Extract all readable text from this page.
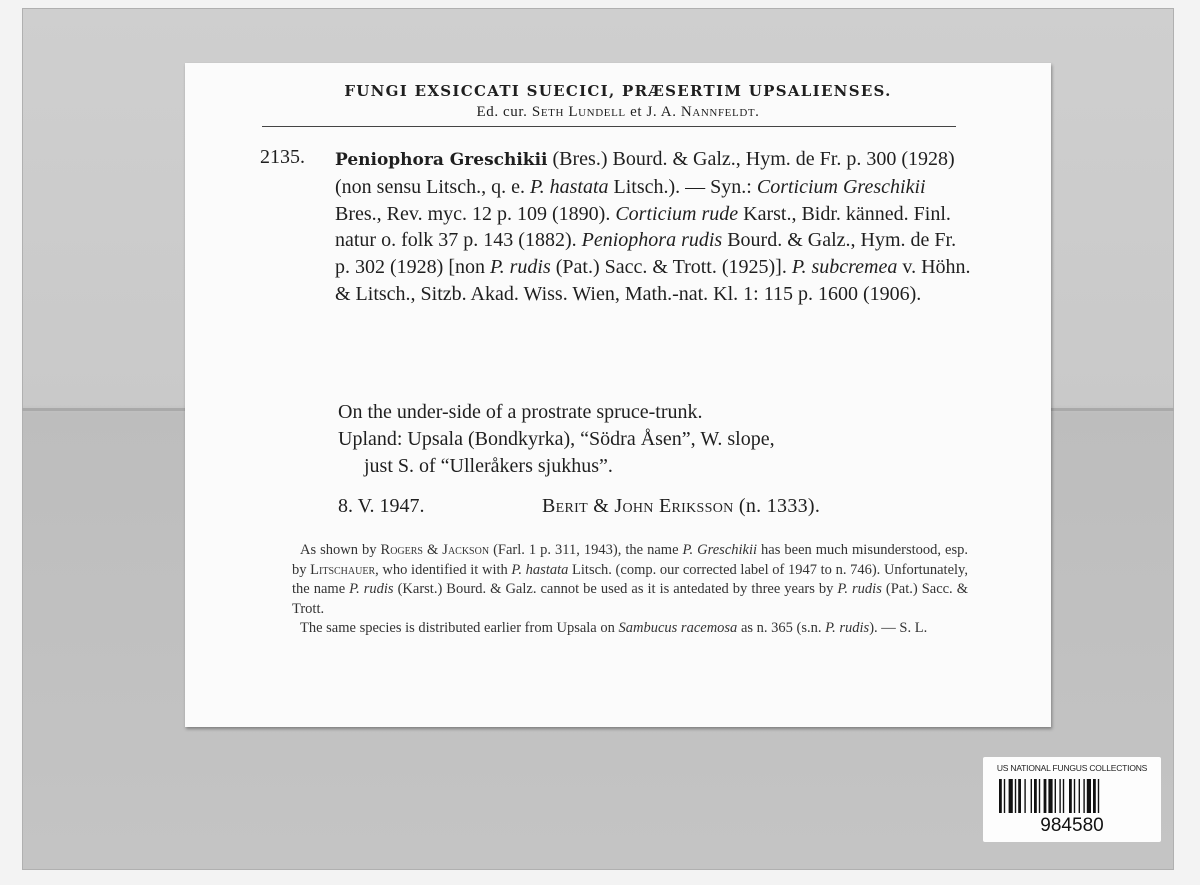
FUNGI EXSICCATI SUECICI, PRÆSERTIM UPSALIENSES.
Ed. cur. Seth Lundell et J. A. Nannfeldt.
2135. Peniophora Greschikii (Bres.) Bourd. & Galz., Hym. de Fr. p. 300 (1928) (non sensu Litsch., q. e. P. hastata Litsch.). — Syn.: Corticium Greschikii Bres., Rev. myc. 12 p. 109 (1890). Corticium rude Karst., Bidr. känned. Finl. natur o. folk 37 p. 143 (1882). Peniophora rudis Bourd. & Galz., Hym. de Fr. p. 302 (1928) [non P. rudis (Pat.) Sacc. & Trott. (1925)]. P. subcremea v. Höhn. & Litsch., Sitzb. Akad. Wiss. Wien, Math.-nat. Kl. 1: 115 p. 1600 (1906).
On the under-side of a prostrate spruce-trunk.
Upland: Upsala (Bondkyrka), “Södra Åsen”, W. slope,
just S. of “Ulleråkers sjukhus”.
8. V. 1947.	Berit & John Eriksson (n. 1333).

As shown by Rogers & Jackson (Farl. 1 p. 311, 1943), the name P. Greschikii has been much misunderstood, esp. by Litschauer, who identified it with P. hastata Litsch. (comp. our corrected label of 1947 to n. 746). Unfortunately, the name P. rudis (Karst.) Bourd. & Galz. cannot be used as it is antedated by three years by P. rudis (Pat.) Sacc. & Trott.

The same species is distributed earlier from Upsala on Sambucus racemosa as n. 365 (s.n. P. rudis). — S. L.

US NATIONAL FUNGUS COLLECTIONS
984580
